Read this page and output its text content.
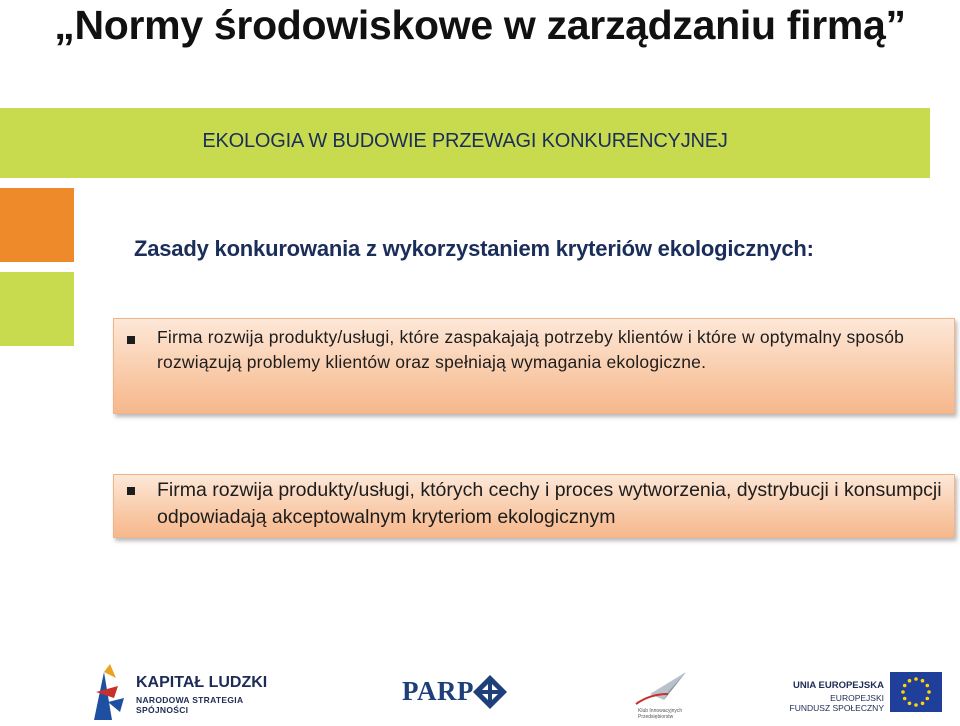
„Normy środowiskowe w zarządzaniu firmą”
EKOLOGIA W BUDOWIE PRZEWAGI KONKURENCYJNEJ
Zasady konkurowania z wykorzystaniem kryteriów ekologicznych:
Firma rozwija produkty/usługi, które zaspakajają potrzeby klientów i które w optymalny sposób rozwiązują problemy klientów oraz spełniają wymagania ekologiczne.
Firma rozwija produkty/usługi, których cechy i proces wytworzenia, dystrybucji i konsumpcji odpowiadają akceptowalnym kryteriom ekologicznym
KAPITAŁ LUDZKI
NARODOWA STRATEGIA SPÓJNOŚCI
PARP
Klub Innowacyjnych Przedsiębiorstw
UNIA EUROPEJSKA
EUROPEJSKI
FUNDUSZ SPOŁECZNY
